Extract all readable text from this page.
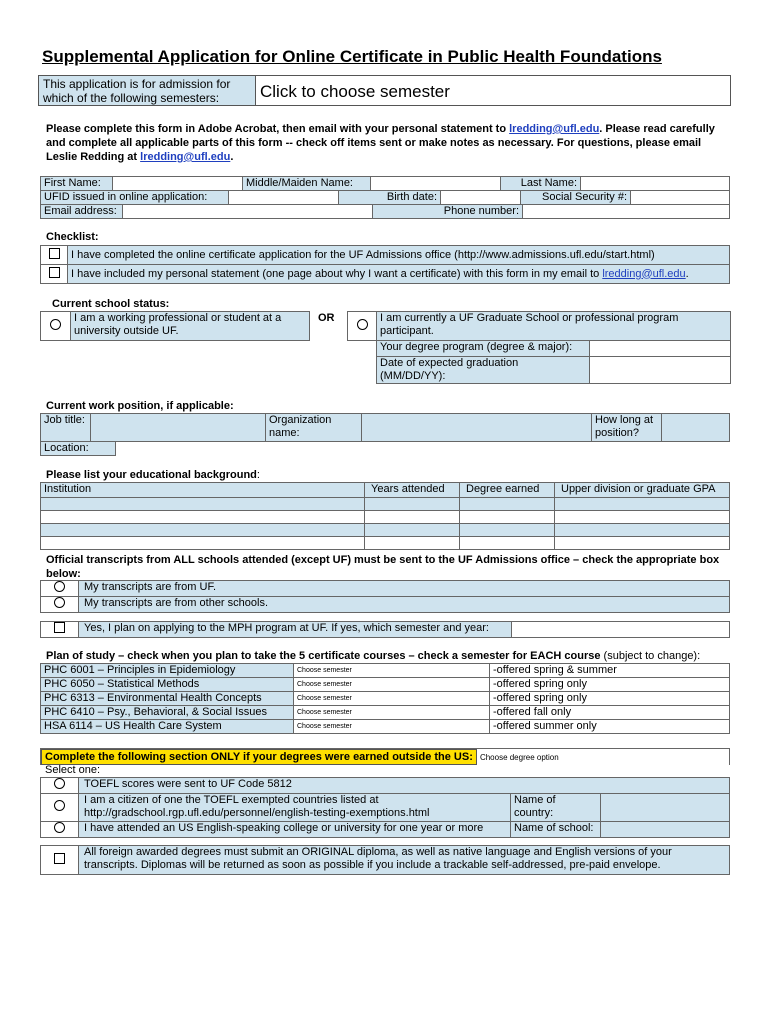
Supplemental Application for Online Certificate in Public Health Foundations
This application is for admission for which of the following semesters:	Click to choose semester
Please complete this form in Adobe Acrobat, then email with your personal statement to lredding@ufl.edu. Please read carefully and complete all applicable parts of this form -- check off items sent or make notes as necessary. For questions, please email Leslie Redding at lredding@ufl.edu.
First Name:		Middle/Maiden Name:		Last Name:	
UFID issued in online application:		Birth date:		Social Security #:	
Email address:		Phone number:	
Checklist:
	I have completed the online certificate application for the UF Admissions office (http://www.admissions.ufl.edu/start.html)
	I have included my personal statement (one page about why I want a certificate) with this form in my email to lredding@ufl.edu.
Current school status:
	I am a working professional or student at a university outside UF.
OR
		I am currently a UF Graduate School or professional program participant.
Your degree program (degree & major):	
Date of expected graduation (MM/DD/YY):	
Current work position, if applicable:
Job title:		Organization name:		How long at position?	
Location:
Please list your educational background:
Institution	Years attended	Degree earned	Upper division or graduate GPA

Official transcripts from ALL schools attended (except UF) must be sent to the UF Admissions office – check the appropriate box below:
	My transcripts are from UF.
	My transcripts are from other schools.
	Yes, I plan on applying to the MPH program at UF. If yes, which semester and year:	
Plan of study – check when you plan to take the 5 certificate courses – check a semester for EACH course (subject to change):
PHC 6001 – Principles in Epidemiology	Choose semester	-offered spring & summer
PHC 6050 – Statistical Methods	Choose semester	-offered spring only
PHC 6313 – Environmental Health Concepts	Choose semester	-offered spring only
PHC 6410 – Psy., Behavioral, & Social Issues	Choose semester	-offered fall only
HSA 6114 – US Health Care System	Choose semester	-offered summer only
Complete the following section ONLY if your degrees were earned outside the US: Choose degree option
Select one:
	TOEFL scores were sent to UF Code 5812		
	I am a citizen of one the TOEFL exempted countries listed at http://gradschool.rgp.ufl.edu/personnel/english-testing-exemptions.html	Name of country:	
	I have attended an US English-speaking college or university for one year or more	Name of school:	
	All foreign awarded degrees must submit an ORIGINAL diploma, as well as native language and English versions of your transcripts. Diplomas will be returned as soon as possible if you include a trackable self-addressed, pre-paid envelope.
